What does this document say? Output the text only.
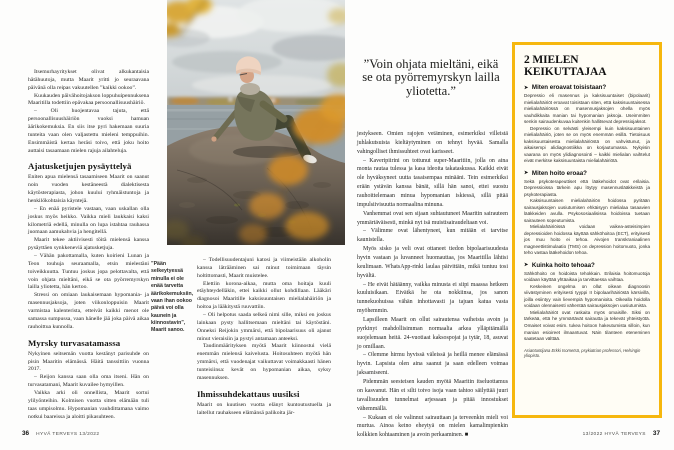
Itsemurhayritykset olivat alkukantaisia hätähuutoja, mutta Maarit yritti jo seuraavana päivänä olla reipas vakuutellen ”kaikki ookoo”.

Kuukauden päivähoitojakson loppuhuipennuksena Maaritilla todettiin epävakaa persoonallisuushäiriö.

– Oli huojentavaa tajuta, että persoonallisuushäiriön vuoksi hamuan äärikokemuksia. En siis itse pyri hakemaan suuria tunteita vaan olen valjastettu mieleni temppuihin. Ensimmäistä kertaa heräsi toivo, että joku hoito auttaisi tasaamaan mielen rajuja ailahteluja.

Ajatusketjujen pysäyttelyä

Eniten apua mielensä tasaamiseen Maarit on saanut noin vuoden kestäneestä dialektisesta käytösterapiasta, johon kuului ryhmäistuntoja ja henkilökohtaisia käyntejä.

– En enää pyristele vastaan, vaan uskallan olla joskus myös heikko. Vaikka mieli laukkaisi kaksi kilometriä edellä, minulla on lupa istahtaa rauhassa juomaan aamukahvia ja hengitellä.

Maarit tekee aktiivisesti töitä mielensä kanssa pysäyttäen synkkeneviä ajatusketjuja.

– Vähän pakottamalla, kuten koirieni Lunan ja Teon touhuja seuraamalla, etsin mielestäni toiveikkuutta. Tuntuu joskus jopa pelottavalta, että voin ohjata mieltäni, eikä se ota pyörremyrskyn lailla yliotetta, hän kertoo.

Stressi on omiaan laukaisemaan hypomania- ja masennusjaksoja, joten viikonloppuisin Maarit varmistaa kalenterista, etteivät kaikki menot ole samassa sumpussa, vaan hänelle jää joka päivä aikaa rauhoittua kunnolla.

Myrsky turvasatamassa

Nykyinen seitsemän vuotta kestänyt parisuhde on pisin Maaritin elämässä. Häitä tanssittiin vuonna 2017.

– Reijon kanssa saan olla oma itseni. Hän on turvasatamani, Maarit kuvailee hymyillen.

Vaikka arki oli onnellista, Maarit sortui ylilyönteihin. Kolmisen vuotta sitten elämään tuli taas umpisolmu. Hypomanian vauhdittamana vaimo notkui baareissa ja aloitti pikasuhteen.

”Pään selkeytyessä minulla ei ole enää tarvetta äärikokemuksiin, vaan ihan ookoo päivä voi olla kaunein ja kiinnostavin”, Maarit sanoo.

– Todellisuudentajuni katosi ja viimeistään alkoholin kanssa läträäminen sai minut toimimaan täysin holtittomasti, Maarit muistelee.

Elettiin korona-aikaa, mutta oma hoitaja kuuli etäyhteydelläkin, ettei kaikki ollut kohdillaan. Lääkäri diagnosoi Maaritille kaksisuuntaisen mielialahäiriön ja hoitoa ja lääkitystä ruuvattiin.

– Oli helpotus saada selkeä nimi sille, miksi en joskus lainkaan pysty hallitsemaan mieltäni tai käytöstäni. Onneksi Reijokin ymmärsi, että bipolaarisuus oli ajanut minut vieraisiin ja pystyi antamaan anteeksi.

Taudinmäärityksen myötä Maarit kiinnostui vielä enemmän mielensä kaivelusta. Hoitosuhteen myötä hän ymmärsi, että vuodenajat vaikuttavat voimakkaasti hänen tunteisiinsa: kevät on hypomanian aikaa, syksy masennuksen.

Ihmissuhdekattaus uusiksi

Maarit on kuutisen vuotta elänyt kuntoutustuella ja laitellut rauhakseen elämänsä palikoita jär-

36 HYVÄ TERVEYS 13/2022
”Voin ohjata mieltäni, eikä se ota pyörremyrskyn lailla yliotetta.”

jestykseen. Omien rajojen vetäminen, esimerkiksi villeistä juhlakutsuista kieltäytyminen on tehnyt hyvää. Samalla vahingolliset ihmissuhteet ovat karisseet.

– Kaveripiirini on tottunut super-Maaritiin, jolla on aina monta rautaa tulessa ja kasa ideoita takataskussa. Kaikki eivät ole hyväksyneet uutta tasaisempaa minääni. Tein esimerkiksi erään ystävän kanssa bänät, sillä hän sanoi, ettei suostu rauhoittelemaan minua hypomanian iskiessä, sillä pitää impulsiivisuutta normaalina minuna.

Vanhemmat ovat sen sijaan suhtautuneet Maaritin sairauteen ymmärtäväisesti, minkä nyt isä muistisairaudeltaan voi.

– Välimme ovat lähentyneet, kun mitään ei tarvitse kaunistella.

Myös sisko ja veli ovat ottaneet tiedon bipolaarisuudesta hyvin vastaan ja luvanneet huomauttaa, jos Maaritilla lähtisi keulimaan. WhatsApp-rinki laulaa päivittäin, mikä tuntuu tosi hyvältä.

– He eivät hätäänny, vaikka minusta ei siipi maassa hetkeen kuuluisikaan. Eivätkä he ota nokkiinsa, jos sanon tunnekuohuissa vähän inhottavasti ja tajuan katua vasta myöhemmin.

Lapsilleen Maarit on ollut sairautensa vaiheista avoin ja pyrkinyt mahdollisimman normaalia arkea ylläpitämällä suojelemaan heitä. 24-vuotiaat kaksospojat ja tytär, 18, asuvat jo omillaan.

– Olemme hirmu hyvissä väleissä ja heillä menee elämässä hyvin. Lapsista olen aina saanut ja saan edelleen voimaa jaksamiseeni.

Pidemmän seesteisen kauden myötä Maaritin itseluottamus on kasvanut. Hän ei silti toivo isoja vaan tahtoo säilyttää juuri tavallisuuden tunnelmat arjessaan ja pitää innostukset vähemmällä.

– Kukaan ei ole valinnut sairauttaan ja terveenkin mieli voi murtua. Ainoa keino eheytyä on mielen kamalimpienkin kolkkien kohtaaminen ja avoin perkaaminen. ■

2 MIELEN KEIKUTTAJAA
➤ Miten eroavat toisistaan?

Depressio eli masennus ja kaksisuuntaiset (bipolaarit) mielialahäiriöt eroavat toisistaan siten, että kaksisuuntaisessa mielialahäiriössä on masennusjaksojen ohella myös vauhdikkaita manian tai hypomanian jaksoja. Useimmiten senkin sairaudenkuvaa kuitenkin hallitsevat depressiojaksot.

Depressio on selvästi yleisempi kuin kaksisuuntainen mielialahäiriö, joten se on myös enemmän esillä. Tietoisuus kaksisuuntaisesta mielialahäiriöstä on vahvistunut, ja aikaisempi alidiagnostiikka on korjautumassa. Nykyisin vaarana on myös ylidiagnosointi – kaikki mielialan vaihtelut eivät merkitse kaksisuuntaista mielialahäiriötä.

➤ Miten hoito eroaa?

Sekä psykoterapeuttiset että lääkehoidot ovat erilaisia. Depressioissa tärkein apu löytyy masennuslääkkeistä ja psykoterapiasta.

Kaksisuuntaisen mielialahäiriön hoidossa pyritään sairausjaksojen uusiutumisen ehkäisyyn mielialaa tasaavien lääkkeiden avulla. Psykososiaalisissa hoidoissa tuetaan sairauteen sopeutumista.

Mielialahäiriöissä voidaan vaikea-asteisimpien depressioiden hoidossa käyttää sähköhoitoa (ECT), erityisesti jos muu hoito ei tehoa. Aivojen transkraniaalinen magneettistimulaatio (TMS) on depression hoitomuoto, jonka teho vastaa lääkehoidon tehoa.

➤ Kuinka hoito tehoaa?

Sähköhoito on hoidoista tehokkain. Erilaisia hoitomuotoja voidaan käyttää yhtäaikaa ja tarvittaessa vaihtaa.

Keskeinen ongelma on ollut oikean diagnoosin viivästyminen erityisesti tyyppi II bipolaarihäiriöstä kärsivillä, joilla esiintyy vain lievempiä hypomanioita. Oikealla hoidolla voidaan olennaisesti vähentää sairausjaksojen uusiutumista.

Mielialahäiriöt ovat raskaita myös omaisille. Siksi on tärkeää, että he ymmärtävät sairautta ja tekevät yhteistyötä. Omaiset voivat esim. tukea hoitoon hakeutumista silloin, kun manian esioireet ilmaantuvat. Näin tilanteen eteneminen saatetaan välttää.

Asiantuntijana Erkki Isometsä, psykiatrian professori, Helsingin yliopisto.

13/2022 HYVÄ TERVEYS 37
